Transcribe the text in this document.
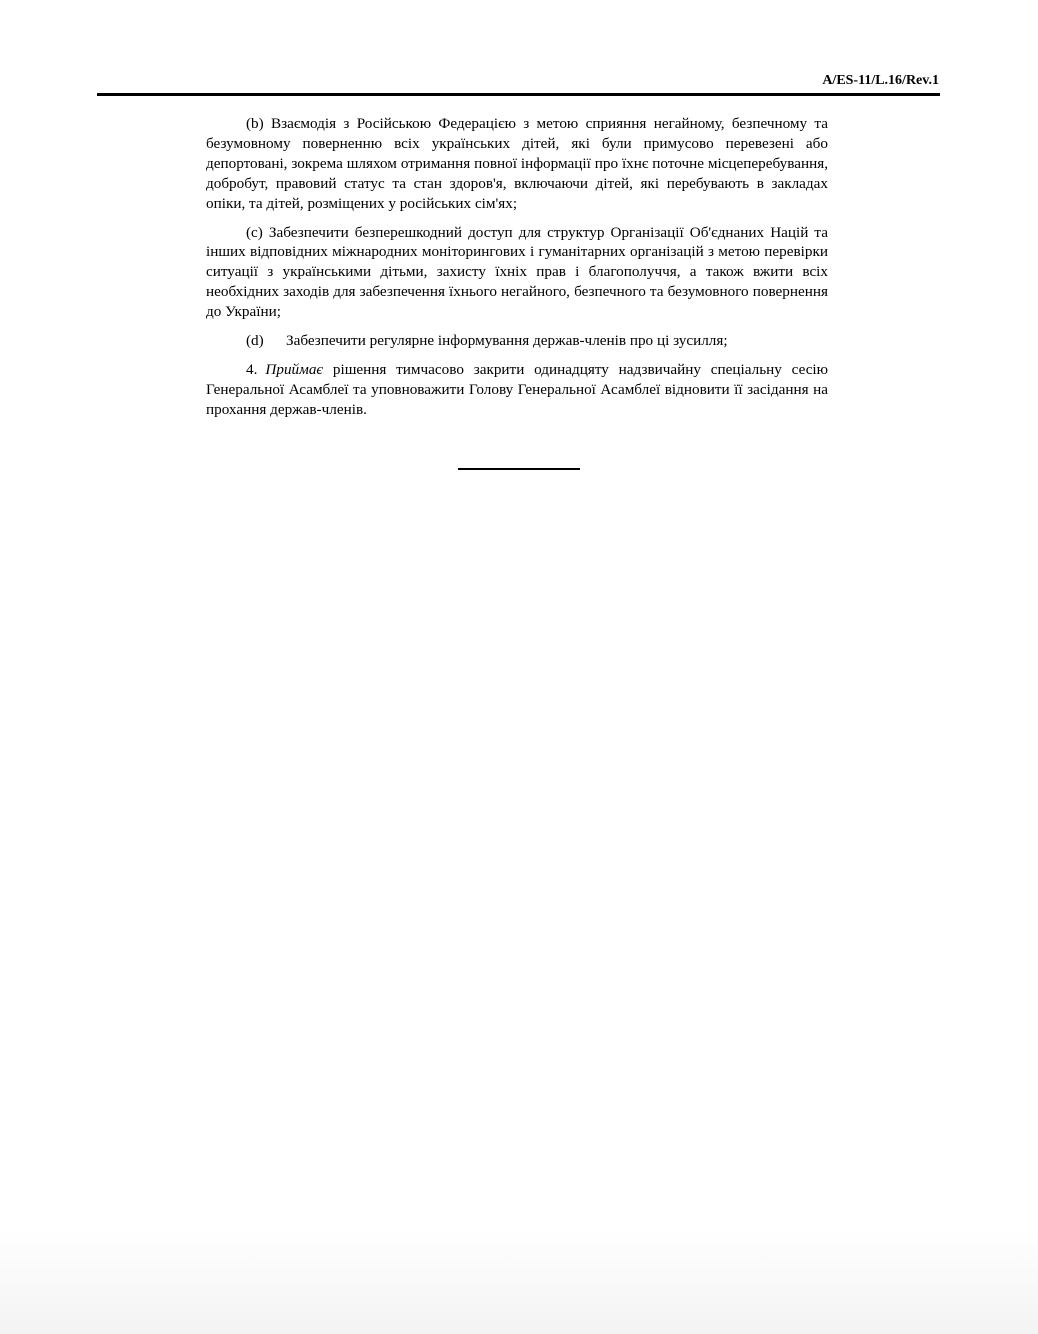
A/ES-11/L.16/Rev.1

(b) Взаємодія з Російською Федерацією з метою сприяння негайному, безпечному та безумовному поверненню всіх українських дітей, які були примусово перевезені або депортовані, зокрема шляхом отримання повної інформації про їхнє поточне місцеперебування, добробут, правовий статус та стан здоров'я, включаючи дітей, які перебувають в закладах опіки, та дітей, розміщених у російських сім'ях;

(c) Забезпечити безперешкодний доступ для структур Організації Об'єднаних Націй та інших відповідних міжнародних моніторингових і гуманітарних організацій з метою перевірки ситуації з українськими дітьми, захисту їхніх прав і благополуччя, а також вжити всіх необхідних заходів для забезпечення їхнього негайного, безпечного та безумовного повернення до України;

(d) Забезпечити регулярне інформування держав-членів про ці зусилля;

4. Приймає рішення тимчасово закрити одинадцяту надзвичайну спеціальну сесію Генеральної Асамблеї та уповноважити Голову Генеральної Асамблеї відновити її засідання на прохання держав-членів.
